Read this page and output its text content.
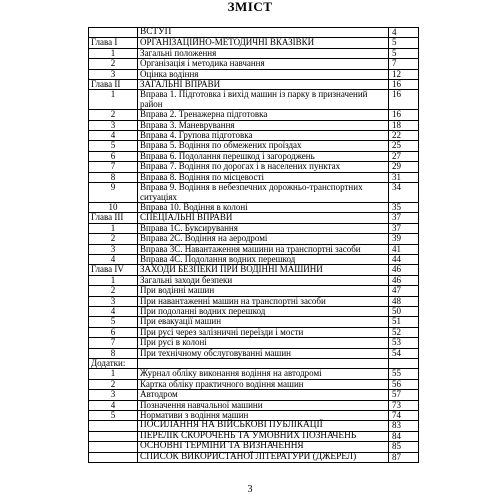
ЗМІСТ
	ВСТУП	4
Глава I	ОРГАНІЗАЦІЙНО-МЕТОДИЧНІ ВКАЗІВКИ	5
1	Загальні положення	5
2	Організація і методика навчання	7
3	Оцінка водіння	12
Глава II	ЗАГАЛЬНІ ВПРАВИ	16
1	Вправа 1. Підготовка і вихід машин із парку в призначений район	16
2	Вправа 2. Тренажерна підготовка	16
3	Вправа 3. Маневрування	18
4	Вправа 4. Групова підготовка	22
5	Вправа 5. Водіння по обмежених проїздах	25
6	Вправа 6. Подолання перешкод і загороджень	27
7	Вправа 7. Водіння по дорогах і в населених пунктах	29
8	Вправа 8. Водіння по місцевості	31
9	Вправа 9. Водіння в небезпечних дорожньо-транспортних ситуаціях	34
10	Вправа 10. Водіння в колоні	35
Глава III	СПЕЦІАЛЬНІ ВПРАВИ	37
1	Вправа 1С. Буксирування	37
2	Вправа 2С. Водіння на аеродромі	39
3	Вправа 3С. Навантаження машини на транспортні засоби	41
4	Вправа 4С. Подолання водних перешкод	44
Глава IV	ЗАХОДИ БЕЗПЕКИ ПРИ ВОДІННІ МАШИНИ	46
1	Загальні заходи безпеки	46
2	При водінні машин	47
3	При навантаженні машин на транспортні засоби	48
4	При подоланні водних перешкод	50
5	При евакуації машин	51
6	При русі через залізничні переїзди і мости	52
7	При русі в колоні	53
8	При технічному обслуговуванні машин	54
Додатки:		
1	Журнал обліку виконання водіння на автодромі	55
2	Картка обліку практичного водіння машин	56
3	Автодром	57
4	Позначення навчальної машини	73
5	Нормативи з водіння машин	74
	ПОСИЛАННЯ НА ВІЙСЬКОВІ ПУБЛІКАЦІЇ	83
	ПЕРЕЛІК СКОРОЧЕНЬ ТА УМОВНИХ ПОЗНАЧЕНЬ	84
	ОСНОВНІ ТЕРМІНИ ТА ВИЗНАЧЕННЯ	85
	СПИСОК ВИКОРИСТАНОЇ ЛІТЕРАТУРИ (ДЖЕРЕЛ)	87
3
